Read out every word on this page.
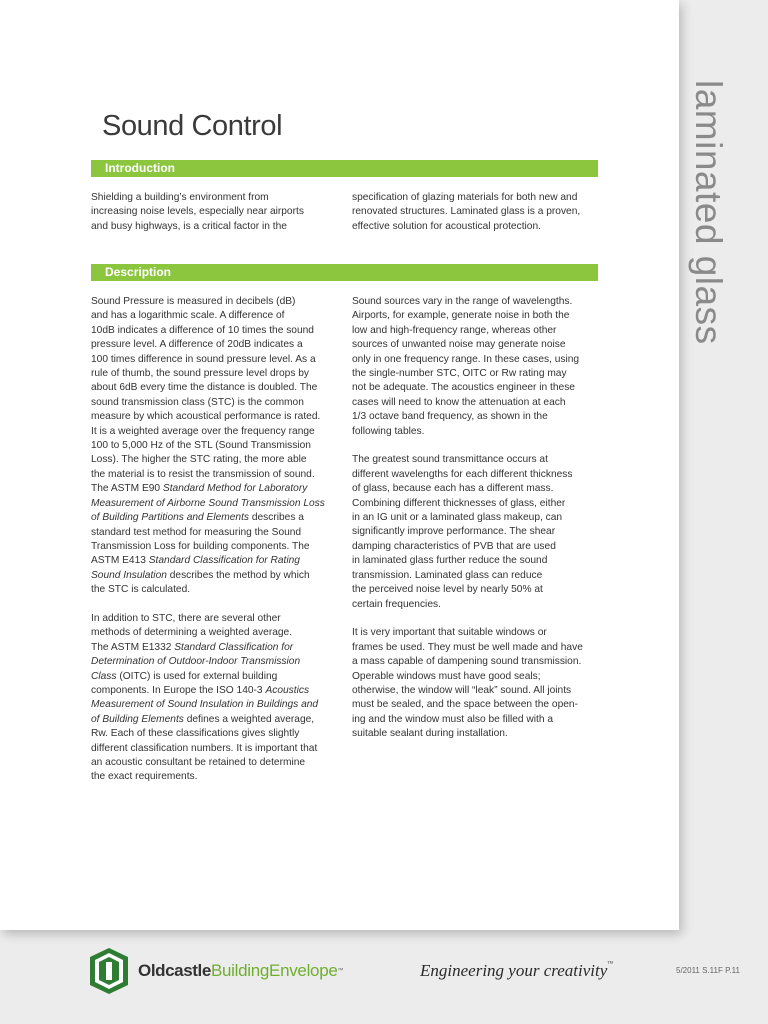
Sound Control
Introduction
Shielding a building’s environment from
increasing noise levels, especially near airports
and busy highways, is a critical factor in the
specification of glazing materials for both new and
renovated structures. Laminated glass is a proven,
effective solution for acoustical protection.
Description
Sound Pressure is measured in decibels (dB)
and has a logarithmic scale. A difference of
10dB indicates a difference of 10 times the sound
pressure level. A difference of 20dB indicates a
100 times difference in sound pressure level. As a
rule of thumb, the sound pressure level drops by
about 6dB every time the distance is doubled. The
sound transmission class (STC) is the common
measure by which acoustical performance is rated.
It is a weighted average over the frequency range
100 to 5,000 Hz of the STL (Sound Transmission
Loss). The higher the STC rating, the more able
the material is to resist the transmission of sound.
The ASTM E90 Standard Method for Laboratory
Measurement of Airborne Sound Transmission Loss
of Building Partitions and Elements describes a
standard test method for measuring the Sound
Transmission Loss for building components. The
ASTM E413 Standard Classification for Rating
Sound Insulation describes the method by which
the STC is calculated.
In addition to STC, there are several other
methods of determining a weighted average.
The ASTM E1332 Standard Classification for
Determination of Outdoor-Indoor Transmission
Class (OITC) is used for external building
components. In Europe the ISO 140-3 Acoustics
Measurement of Sound Insulation in Buildings and
of Building Elements defines a weighted average,
Rw. Each of these classifications gives slightly
different classification numbers. It is important that
an acoustic consultant be retained to determine
the exact requirements.
Sound sources vary in the range of wavelengths.
Airports, for example, generate noise in both the
low and high-frequency range, whereas other
sources of unwanted noise may generate noise
only in one frequency range. In these cases, using
the single-number STC, OITC or Rw rating may
not be adequate. The acoustics engineer in these
cases will need to know the attenuation at each
1/3 octave band frequency, as shown in the
following tables.
The greatest sound transmittance occurs at
different wavelengths for each different thickness
of glass, because each has a different mass.
Combining different thicknesses of glass, either
in an IG unit or a laminated glass makeup, can
significantly improve performance. The shear
damping characteristics of PVB that are used
in laminated glass further reduce the sound
transmission. Laminated glass can reduce
the perceived noise level by nearly 50% at
certain frequencies.
It is very important that suitable windows or
frames be used. They must be well made and have
a mass capable of dampening sound transmission.
Operable windows must have good seals;
otherwise, the window will “leak” sound. All joints
must be sealed, and the space between the open-
ing and the window must also be filled with a
suitable sealant during installation.
laminated glass
OldcastleBuildingEnvelope™	Engineering your creativity™
5/2011 S.11F P.11
